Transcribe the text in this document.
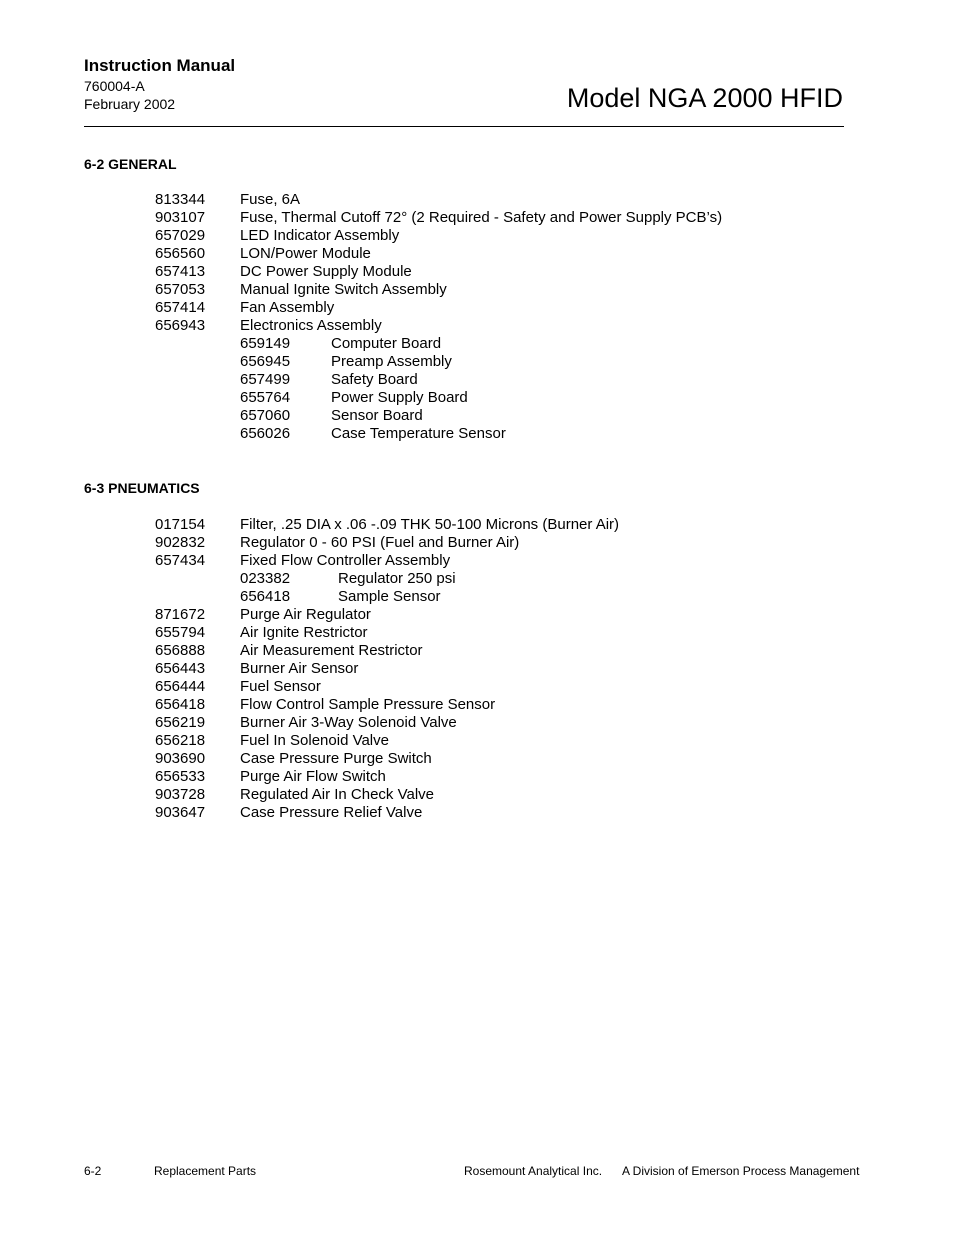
Instruction Manual
760004-A
February 2002	Model NGA 2000 HFID
6-2 GENERAL
813344 Fuse, 6A
903107 Fuse, Thermal Cutoff 72° (2 Required - Safety and Power Supply PCB’s)
657029 LED Indicator Assembly
656560 LON/Power Module
657413 DC Power Supply Module
657053 Manual Ignite Switch Assembly
657414 Fan Assembly
656943 Electronics Assembly
659149	Computer Board
656945	Preamp Assembly
657499	Safety Board
655764	Power Supply Board
657060	Sensor Board
656026	Case Temperature Sensor
6-3 PNEUMATICS
017154 Filter, .25 DIA x .06 -.09 THK 50-100 Microns (Burner Air)
902832 Regulator 0 - 60 PSI (Fuel and Burner Air)
657434 Fixed Flow Controller Assembly
023382	Regulator 250 psi
656418	Sample Sensor
871672 Purge Air Regulator
655794 Air Ignite Restrictor
656888 Air Measurement Restrictor
656443 Burner Air Sensor
656444 Fuel Sensor
656418 Flow Control Sample Pressure Sensor
656219 Burner Air 3-Way Solenoid Valve
656218 Fuel In Solenoid Valve
903690 Case Pressure Purge Switch
656533 Purge Air Flow Switch
903728 Regulated Air In Check Valve
903647 Case Pressure Relief Valve
6-2	Replacement Parts	Rosemount Analytical Inc. A Division of Emerson Process Management
